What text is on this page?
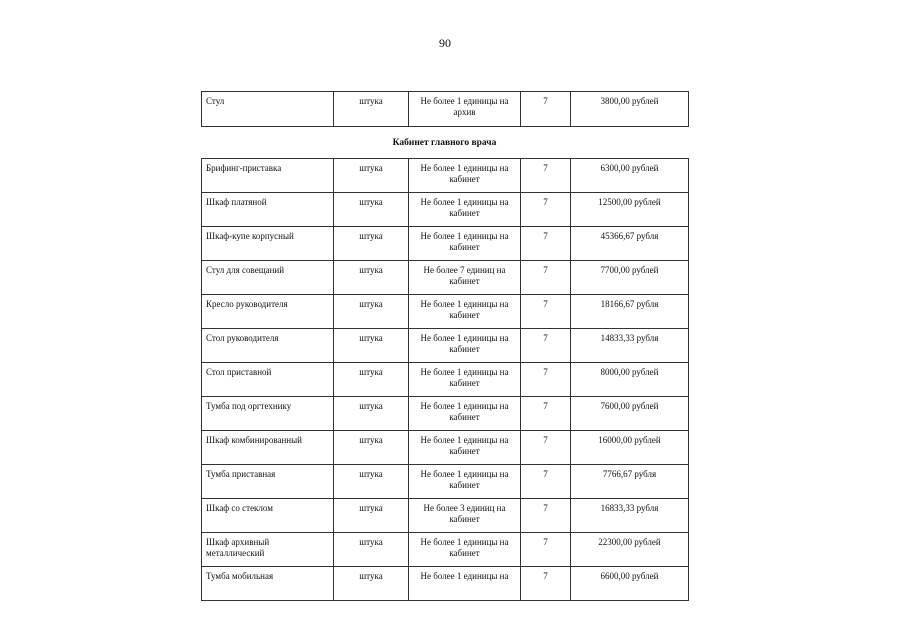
90
Стул	штука	Не более 1 единицы на архив	7	3800,00 рублей
Кабинет главного врача
Брифинг-приставка	штука	Не более 1 единицы на кабинет	7	6300,00 рублей
Шкаф платяной	штука	Не более 1 единицы на кабинет	7	12500,00 рублей
Шкаф-купе корпусный	штука	Не более 1 единицы на кабинет	7	45366,67 рубля
Стул для совещаний	штука	Не более 7 единиц на кабинет	7	7700,00 рублей
Кресло руководителя	штука	Не более 1 единицы на кабинет	7	18166,67 рубля
Стол руководителя	штука	Не более 1 единицы на кабинет	7	14833,33 рубля
Стол приставной	штука	Не более 1 единицы на кабинет	7	8000,00 рублей
Тумба под оргтехнику	штука	Не более 1 единицы на кабинет	7	7600,00 рублей
Шкаф комбинированный	штука	Не более 1 единицы на кабинет	7	16000,00 рублей
Тумба приставная	штука	Не более 1 единицы на кабинет	7	7766,67 рубля
Шкаф со стеклом	штука	Не более 3 единиц на кабинет	7	16833,33 рубля
Шкаф архивный металлический	штука	Не более 1 единицы на кабинет	7	22300,00 рублей
Тумба мобильная	штука	Не более 1 единицы на	7	6600,00 рублей
